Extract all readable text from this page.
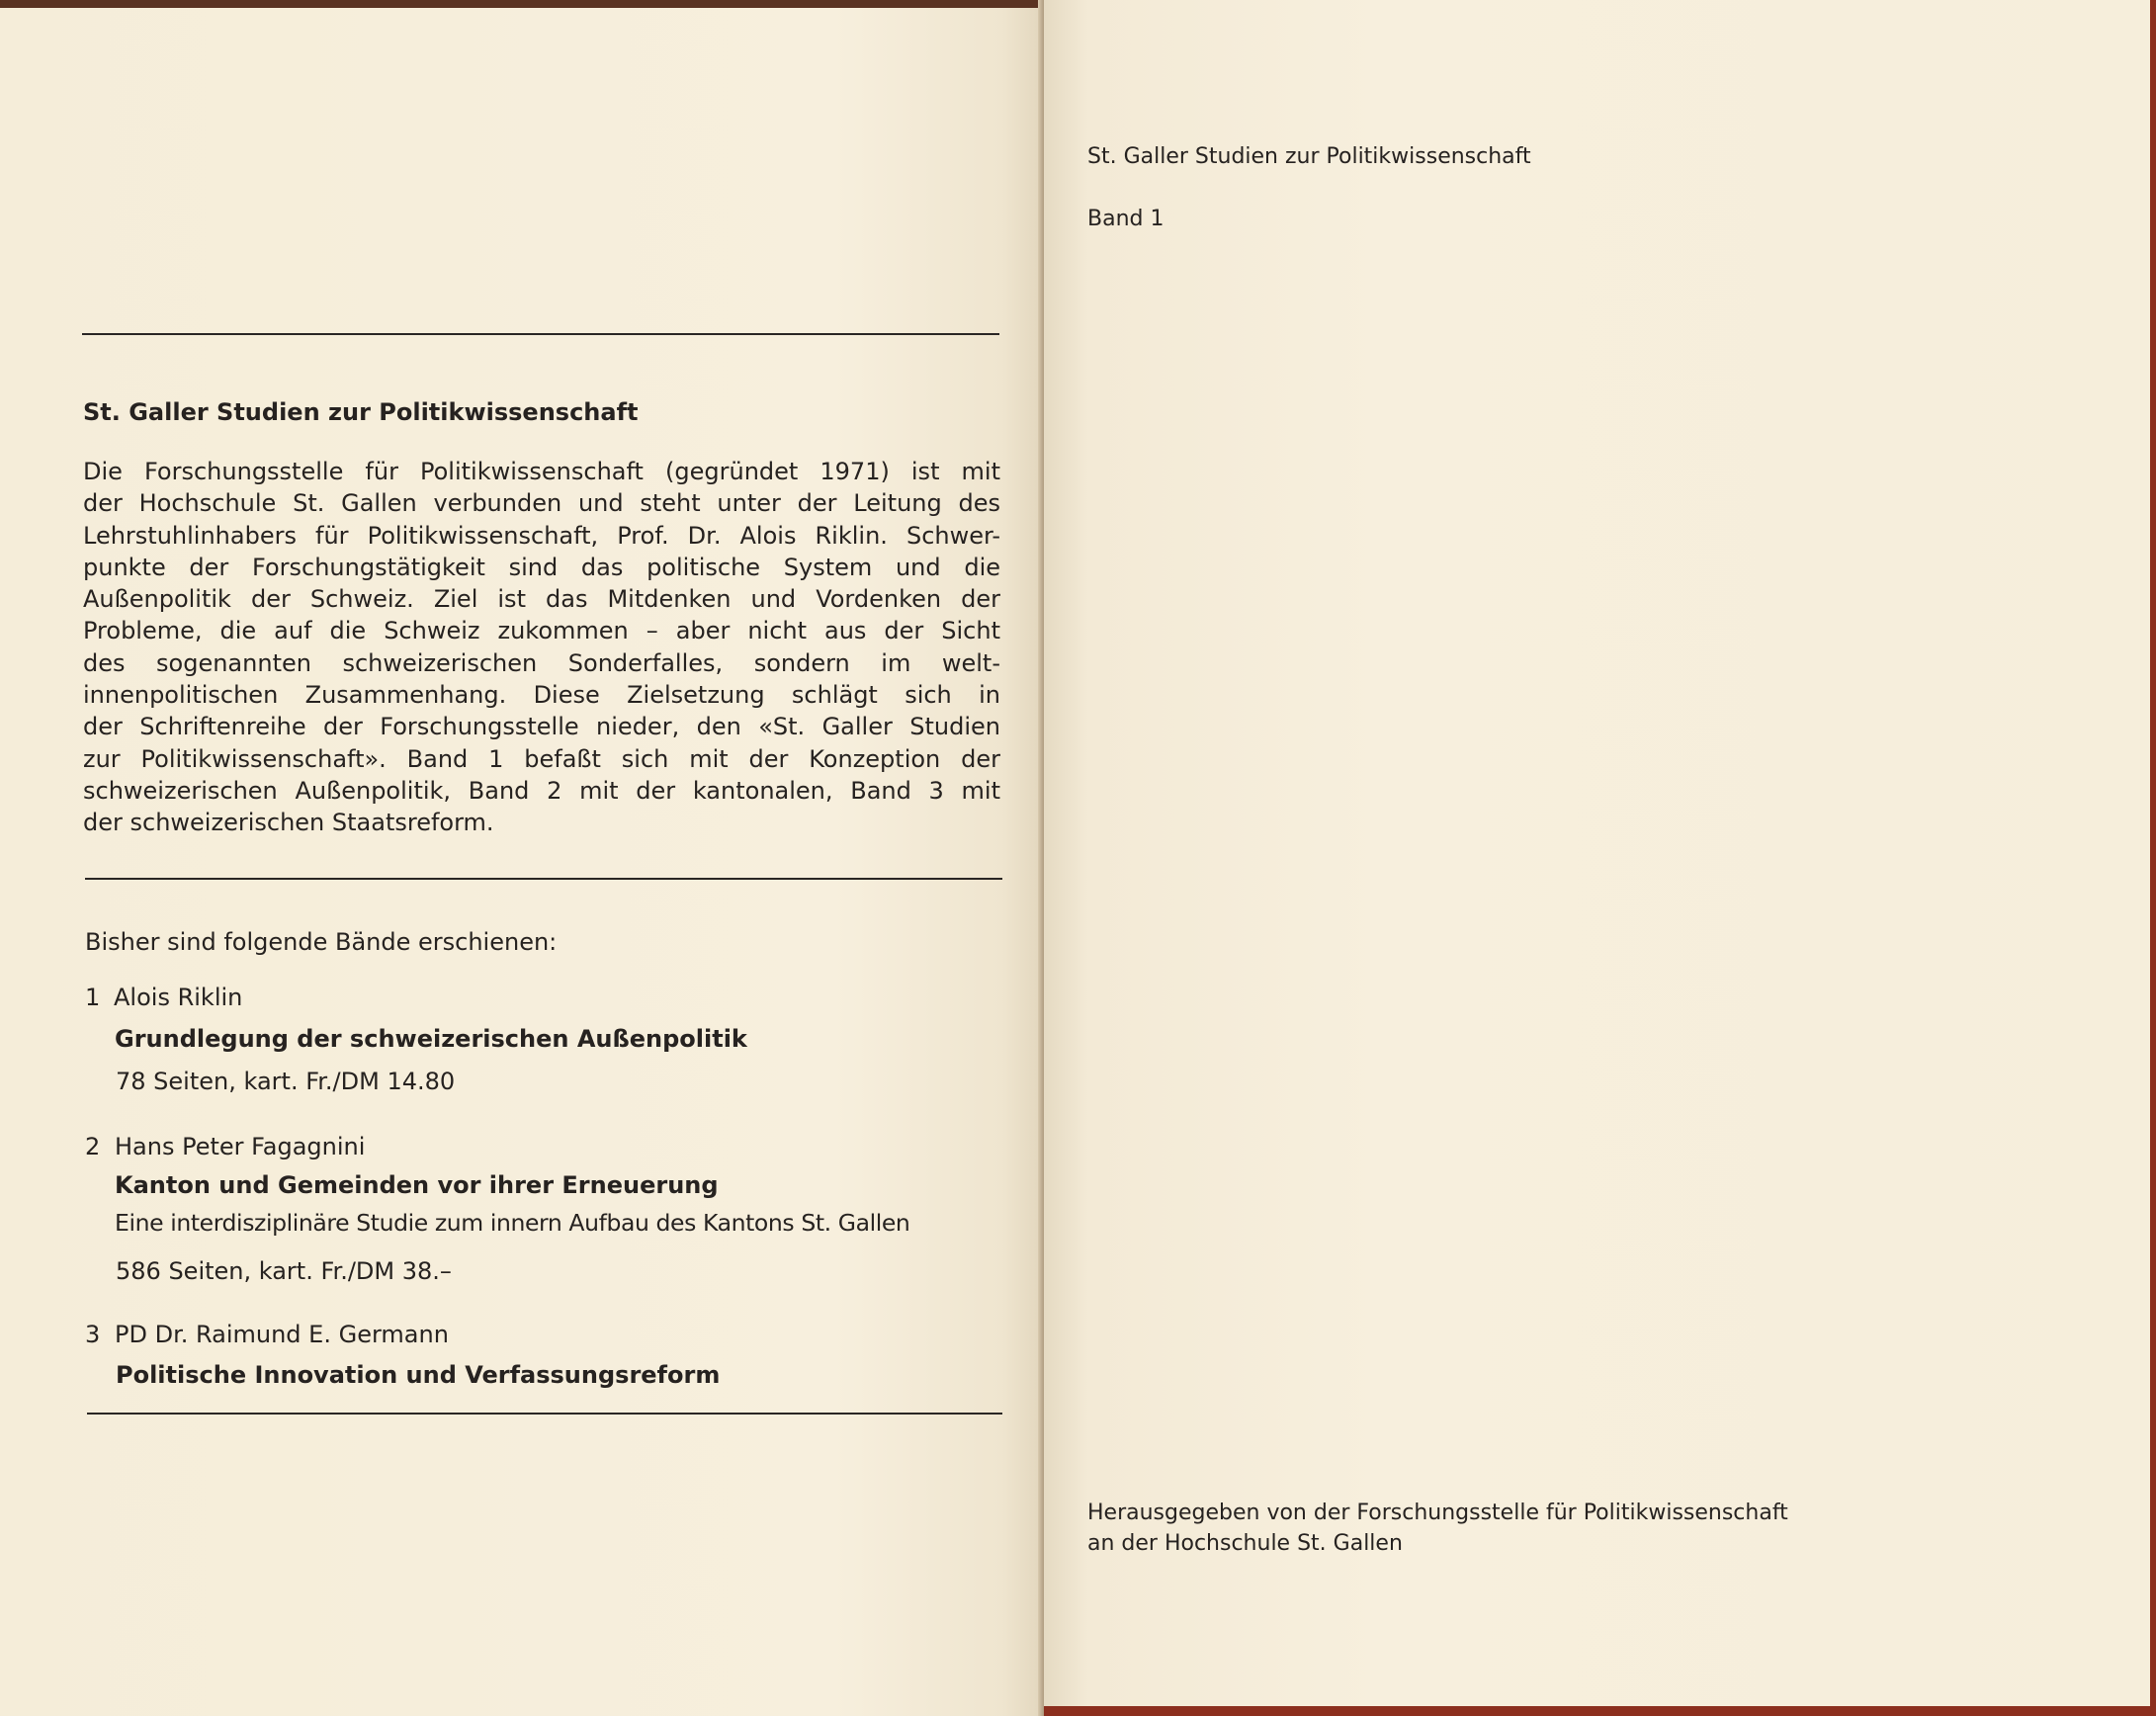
St. Galler Studien zur Politikwissenschaft
Die Forschungsstelle für Politikwissenschaft (gegründet 1971) ist mit
der Hochschule St. Gallen verbunden und steht unter der Leitung des
Lehrstuhlinhabers für Politikwissenschaft, Prof. Dr. Alois Riklin. Schwer-
punkte der Forschungstätigkeit sind das politische System und die
Außenpolitik der Schweiz. Ziel ist das Mitdenken und Vordenken der
Probleme, die auf die Schweiz zukommen – aber nicht aus der Sicht
des sogenannten schweizerischen Sonderfalles, sondern im welt-
innenpolitischen Zusammenhang. Diese Zielsetzung schlägt sich in
der Schriftenreihe der Forschungsstelle nieder, den «St. Galler Studien
zur Politikwissenschaft». Band 1 befaßt sich mit der Konzeption der
schweizerischen Außenpolitik, Band 2 mit der kantonalen, Band 3 mit
der schweizerischen Staatsreform.

Bisher sind folgende Bände erschienen:

1 Alois Riklin

Grundlegung der schweizerischen Außenpolitik

78 Seiten, kart. Fr./DM 14.80

2 Hans Peter Fagagnini

Kanton und Gemeinden vor ihrer Erneuerung

Eine interdisziplinäre Studie zum innern Aufbau des Kantons St. Gallen

586 Seiten, kart. Fr./DM 38.–

3 PD Dr. Raimund E. Germann

Politische Innovation und Verfassungsreform

St. Galler Studien zur Politikwissenschaft

Band 1

Herausgegeben von der Forschungsstelle für Politikwissenschaft

an der Hochschule St. Gallen
